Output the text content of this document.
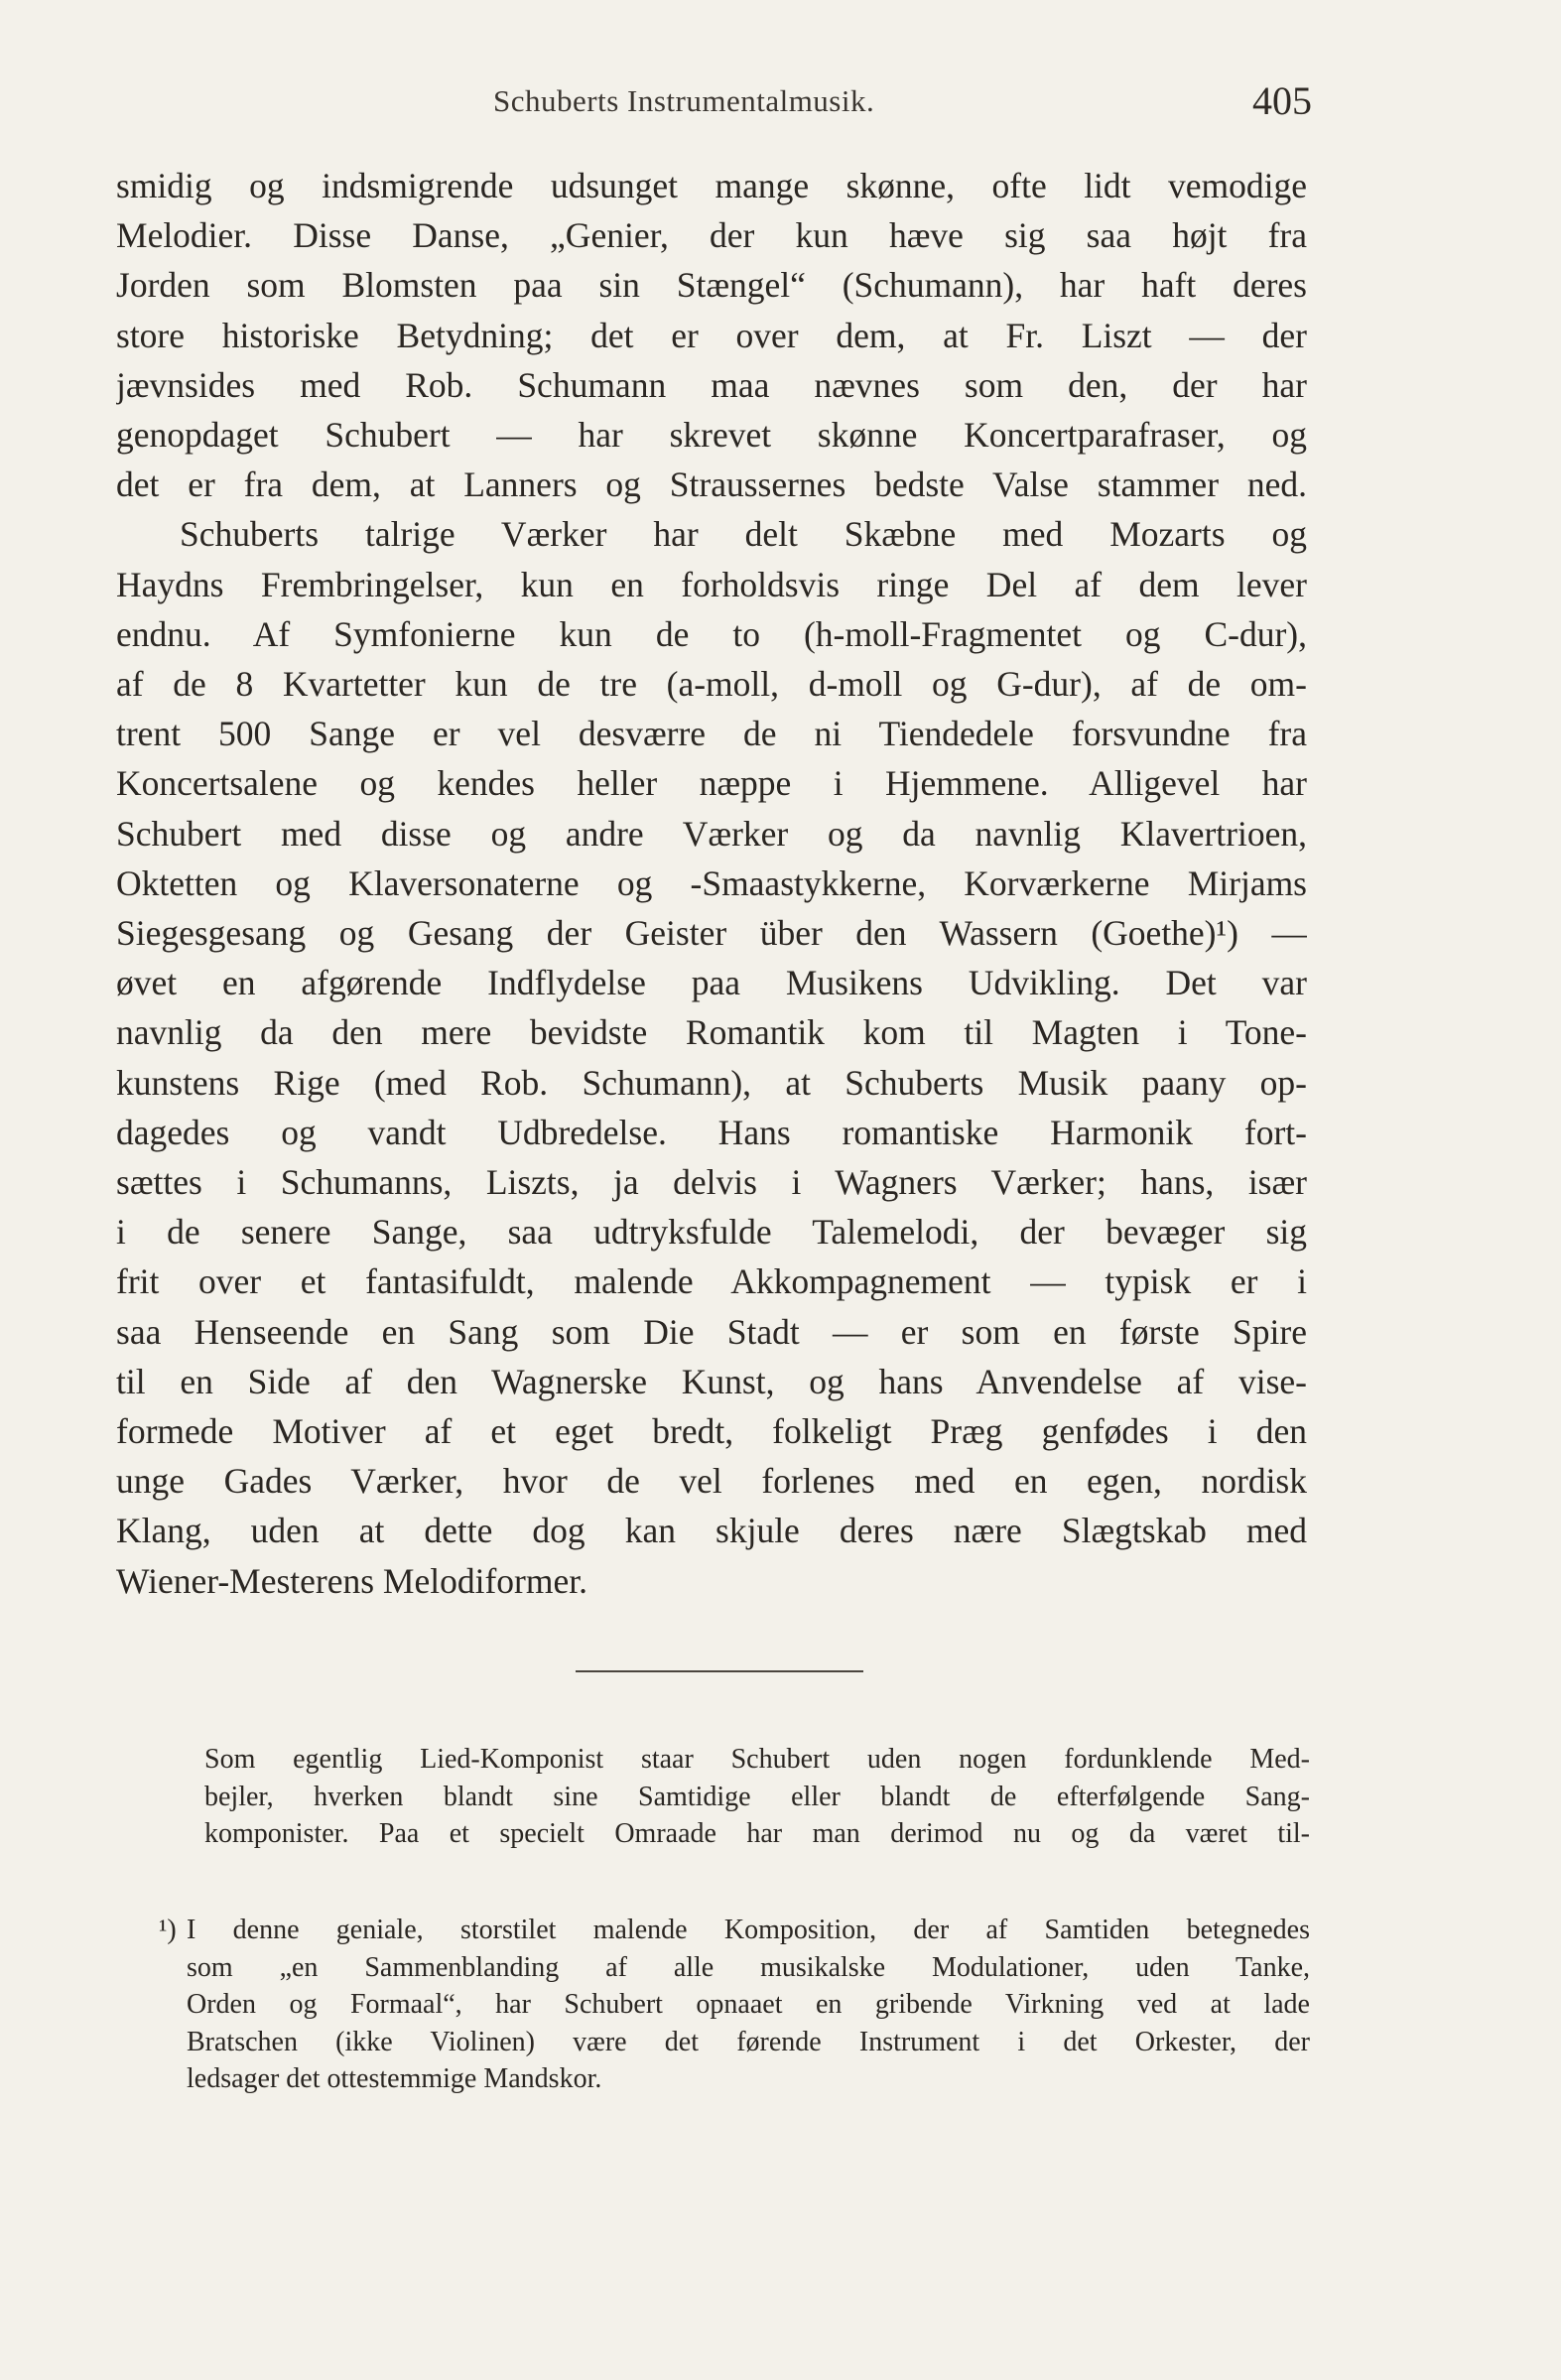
Schuberts Instrumentalmusik.	405
smidig og indsmigrende udsunget mange skønne, ofte lidt vemodige
Melodier. Disse Danse, „Genier, der kun hæve sig saa højt fra
Jorden som Blomsten paa sin Stængel“ (Schumann), har haft deres
store historiske Betydning; det er over dem, at Fr. Liszt — der
jævnsides med Rob. Schumann maa nævnes som den, der har
genopdaget Schubert — har skrevet skønne Koncertparafraser, og
det er fra dem, at Lanners og Straussernes bedste Valse stammer ned.
Schuberts talrige Værker har delt Skæbne med Mozarts og
Haydns Frembringelser, kun en forholdsvis ringe Del af dem lever
endnu. Af Symfonierne kun de to (h-moll-Fragmentet og C-dur),
af de 8 Kvartetter kun de tre (a-moll, d-moll og G-dur), af de om-
trent 500 Sange er vel desværre de ni Tiendedele forsvundne fra
Koncertsalene og kendes heller næppe i Hjemmene. Alligevel har
Schubert med disse og andre Værker og da navnlig Klavertrioen,
Oktetten og Klaversonaterne og -Smaastykkerne, Korværkerne Mirjams
Siegesgesang og Gesang der Geister über den Wassern (Goethe)¹) —
øvet en afgørende Indflydelse paa Musikens Udvikling. Det var
navnlig da den mere bevidste Romantik kom til Magten i Tone-
kunstens Rige (med Rob. Schumann), at Schuberts Musik paany op-
dagedes og vandt Udbredelse. Hans romantiske Harmonik fort-
sættes i Schumanns, Liszts, ja delvis i Wagners Værker; hans, især
i de senere Sange, saa udtryksfulde Talemelodi, der bevæger sig
frit over et fantasifuldt, malende Akkompagnement — typisk er i
saa Henseende en Sang som Die Stadt — er som en første Spire
til en Side af den Wagnerske Kunst, og hans Anvendelse af vise-
formede Motiver af et eget bredt, folkeligt Præg genfødes i den
unge Gades Værker, hvor de vel forlenes med en egen, nordisk
Klang, uden at dette dog kan skjule deres nære Slægtskab med
Wiener-Mesterens Melodiformer.
Som egentlig Lied-Komponist staar Schubert uden nogen fordunklende Med-
bejler, hverken blandt sine Samtidige eller blandt de efterfølgende Sang-
komponister. Paa et specielt Omraade har man derimod nu og da været til-
¹) I denne geniale, storstilet malende Komposition, der af Samtiden betegnedes
som „en Sammenblanding af alle musikalske Modulationer, uden Tanke,
Orden og Formaal“, har Schubert opnaaet en gribende Virkning ved at lade
Bratschen (ikke Violinen) være det førende Instrument i det Orkester, der
ledsager det ottestemmige Mandskor.
